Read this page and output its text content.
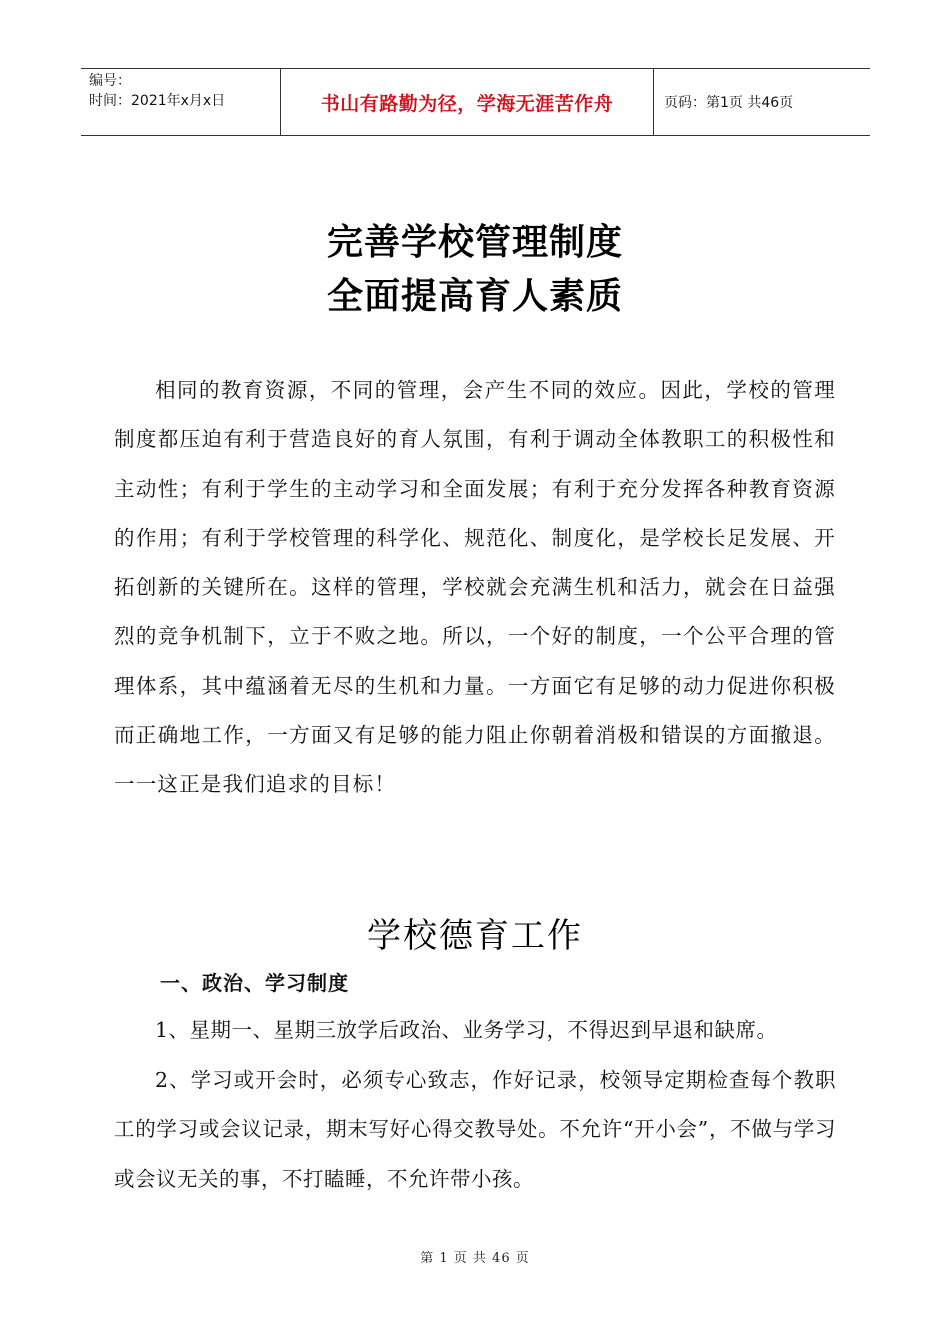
编号：
时间：2021年x月x日	书山有路勤为径，学海无涯苦作舟	页码：第1页 共46页
完善学校管理制度
全面提高育人素质

相同的教育资源，不同的管理，会产生不同的效应。因此，学校的管理制度都压迫有利于营造良好的育人氛围，有利于调动全体教职工的积极性和主动性；有利于学生的主动学习和全面发展；有利于充分发挥各种教育资源的作用；有利于学校管理的科学化、规范化、制度化，是学校长足发展、开拓创新的关键所在。这样的管理，学校就会充满生机和活力，就会在日益强烈的竞争机制下，立于不败之地。所以，一个好的制度，一个公平合理的管理体系，其中蕴涵着无尽的生机和力量。一方面它有足够的动力促进你积极而正确地工作，一方面又有足够的能力阻止你朝着消极和错误的方面撤退。一一这正是我们追求的目标！

学校德育工作
一、政治、学习制度

1、星期一、星期三放学后政治、业务学习，不得迟到早退和缺席。

2、学习或开会时，必须专心致志，作好记录，校领导定期检查每个教职工的学习或会议记录，期末写好心得交教导处。不允许“开小会”，不做与学习或会议无关的事，不打瞌睡，不允许带小孩。

第 1 页 共 46 页
